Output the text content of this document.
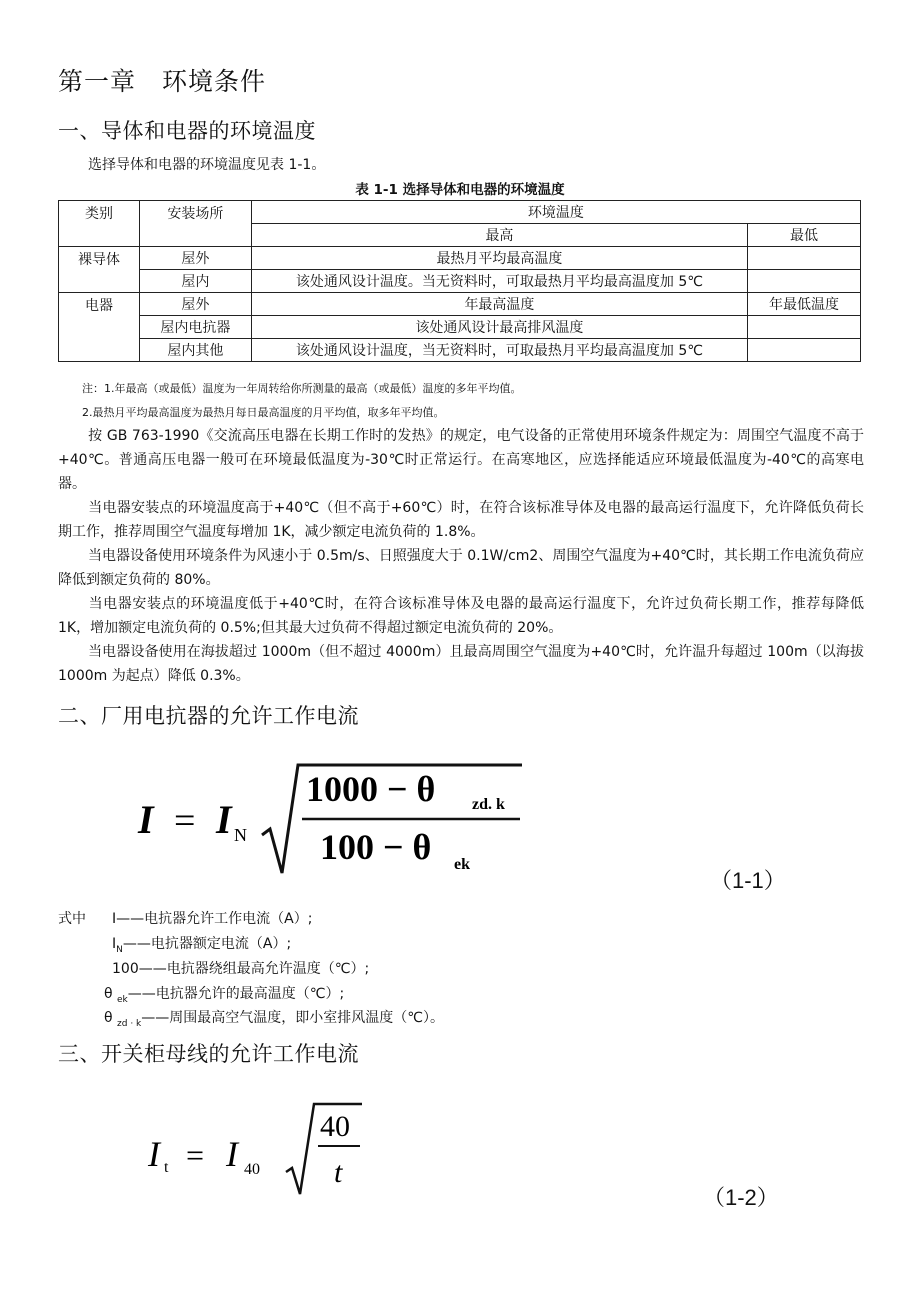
第一章　环境条件
一、导体和电器的环境温度
选择导体和电器的环境温度见表 1-1。
表 1-1 选择导体和电器的环境温度
类别	安装场所	环境温度	
		最高	最低
裸导体	屋外	最热月平均最高温度	
	屋内	该处通风设计温度。当无资料时，可取最热月平均最高温度加 5℃	
电器	屋外	年最高温度	年最低温度
	屋内电抗器	该处通风设计最高排风温度	
	屋内其他	该处通风设计温度，当无资料时，可取最热月平均最高温度加 5℃	
注：1.年最高（或最低）温度为一年周转给你所测量的最高（或最低）温度的多年平均值。
2.最热月平均最高温度为最热月每日最高温度的月平均值，取多年平均值。
按 GB 763-1990《交流高压电器在长期工作时的发热》的规定，电气设备的正常使用环境条件规定为：周围空气温度不高于+40℃。普通高压电器一般可在环境最低温度为-30℃时正常运行。在高寒地区，应选择能适应环境最低温度为-40℃的高寒电器。
当电器安装点的环境温度高于+40℃（但不高于+60℃）时，在符合该标准导体及电器的最高运行温度下，允许降低负荷长期工作，推荐周围空气温度每增加 1K，减少额定电流负荷的 1.8%。
当电器设备使用环境条件为风速小于 0.5m/s、日照强度大于 0.1W/cm2、周围空气温度为+40℃时，其长期工作电流负荷应降低到额定负荷的 80%。
当电器安装点的环境温度低于+40℃时，在符合该标准导体及电器的最高运行温度下，允许过负荷长期工作，推荐每降低 1K，增加额定电流负荷的 0.5%;但其最大过负荷不得超过额定电流负荷的 20%。
当电器设备使用在海拔超过 1000m（但不超过 4000m）且最高周围空气温度为+40℃时，允许温升每超过 100m（以海拔 1000m 为起点）降低 0.3%。
二、厂用电抗器的允许工作电流
I = I N
1000 − θ zd. k
100 − θ ek
（1-1）
式中 I——电抗器允许工作电流（A）;
$I_N——$电抗器额定电流（A）;
100——电抗器绕组最高允许温度（℃）;
θ $_{ek}$——电抗器允许的最高温度（℃）;
θ $_{zd \cdot k}$——周围最高空气温度，即小室排风温度（℃）。
三、开关柜母线的允许工作电流
I t = I 40
40
t
（1-2）
